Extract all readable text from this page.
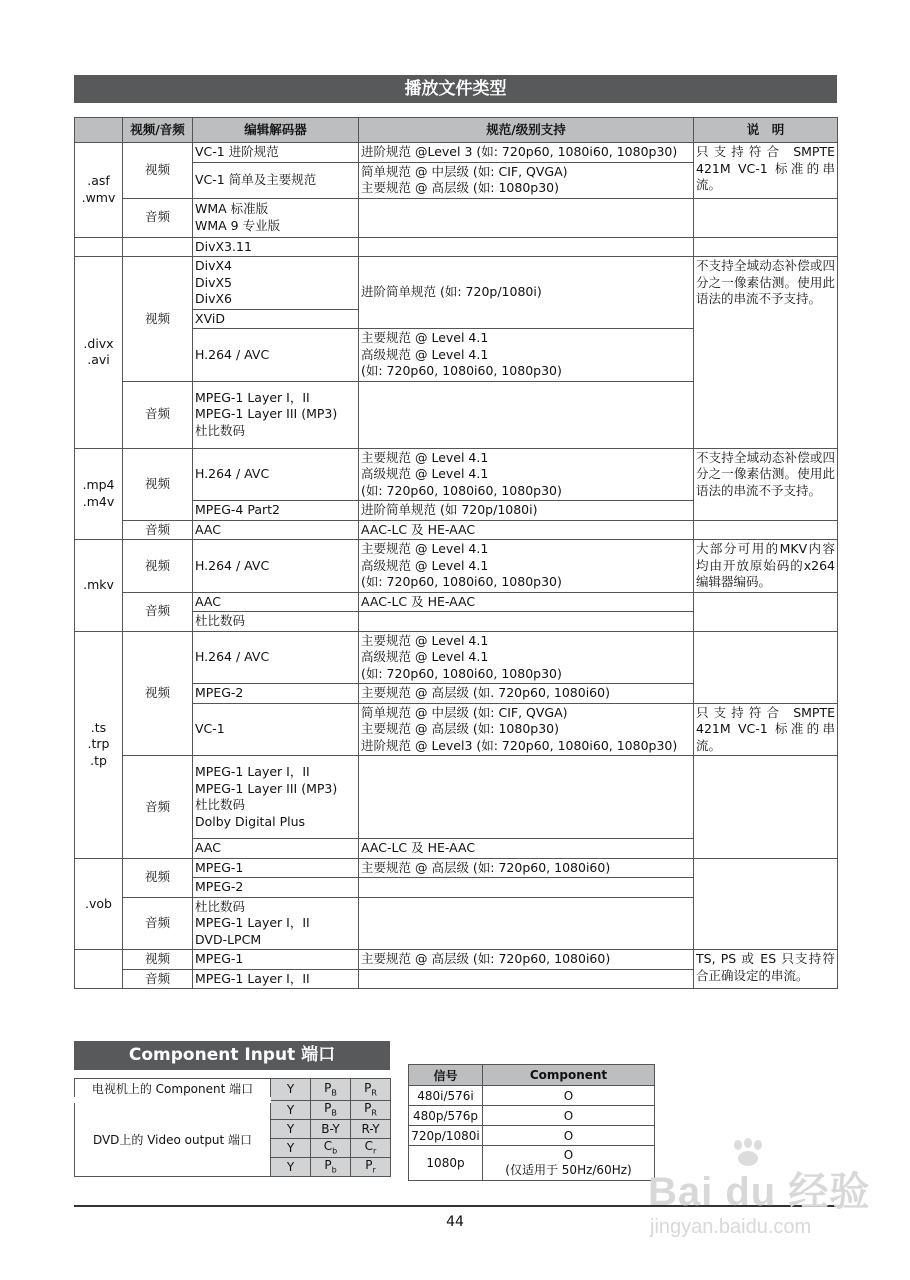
播放文件类型
	视频/音频	编辑解码器	规范/级别支持	说　明
.asf
.wmv	视频	VC-1 进阶规范	进阶规范 @Level 3 (如: 720p60, 1080i60, 1080p30)	只支持符合 SMPTE 421M VC-1 标准的串流。
		VC-1 简单及主要规范	简单规范 @ 中层级 (如: CIF, QVGA)
主要规范 @ 高层级 (如: 1080p30)	
	音频	WMA 标准版
WMA 9 专业版		
		DivX3.11		
.divx
.avi	视频	DivX4
DivX5
DivX6	进阶简单规范 (如: 720p/1080i)	不支持全域动态补偿或四分之一像素估测。使用此语法的串流不予支持。
		XViD		
		H.264 / AVC	主要规范 @ Level 4.1
高级规范 @ Level 4.1
(如: 720p60, 1080i60, 1080p30)	
	音频	MPEG-1 Layer I，II
MPEG-1 Layer III (MP3)
杜比数码		
.mp4
.m4v	视频	H.264 / AVC	主要规范 @ Level 4.1
高级规范 @ Level 4.1
(如: 720p60, 1080i60, 1080p30)	不支持全域动态补偿或四分之一像素估测。使用此语法的串流不予支持。
		MPEG-4 Part2	进阶简单规范 (如 720p/1080i)	
	音频	AAC	AAC-LC 及 HE-AAC	
.mkv	视频	H.264 / AVC	主要规范 @ Level 4.1
高级规范 @ Level 4.1
(如: 720p60, 1080i60, 1080p30)	大部分可用的MKV内容均由开放原始码的x264编辑器编码。
	音频	AAC	AAC-LC 及 HE-AAC	
		杜比数码		
.ts
.trp
.tp	视频	H.264 / AVC	主要规范 @ Level 4.1
高级规范 @ Level 4.1
(如: 720p60, 1080i60, 1080p30)	
		MPEG-2	主要规范 @ 高层级 (如. 720p60, 1080i60)	
		VC-1	简单规范 @ 中层级 (如: CIF, QVGA)
主要规范 @ 高层级 (如: 1080p30)
进阶规范 @ Level3 (如: 720p60, 1080i60, 1080p30)	只支持符合 SMPTE 421M VC-1 标准的串流。
	音频	MPEG-1 Layer I，II
MPEG-1 Layer III (MP3)
杜比数码
Dolby Digital Plus		
		AAC	AAC-LC 及 HE-AAC	
.vob	视频	MPEG-1	主要规范 @ 高层级 (如: 720p60, 1080i60)	
		MPEG-2		
	音频	杜比数码
MPEG-1 Layer I，II
DVD-LPCM		
	视频	MPEG-1	主要规范 @ 高层级 (如: 720p60, 1080i60)	TS, PS 或 ES 只支持符合正确设定的串流。
	音频	MPEG-1 Layer I，II		
Component Input 端口
电视机上的 Component 端口	Y	$P_B$	$P_R$
DVD上的 Video output 端口	Y	$P_B$	$P_R$
	Y	B-Y	R-Y
	Y	$C_b$	$C_r$
	Y	$P_b$	$P_r$
信号	Component
480i/576i	O
480p/576p	O
720p/1080i	O
1080p	O
(仅适用于 50Hz/60Hz)
44
Bai du 经验
jingyan.baidu.com
